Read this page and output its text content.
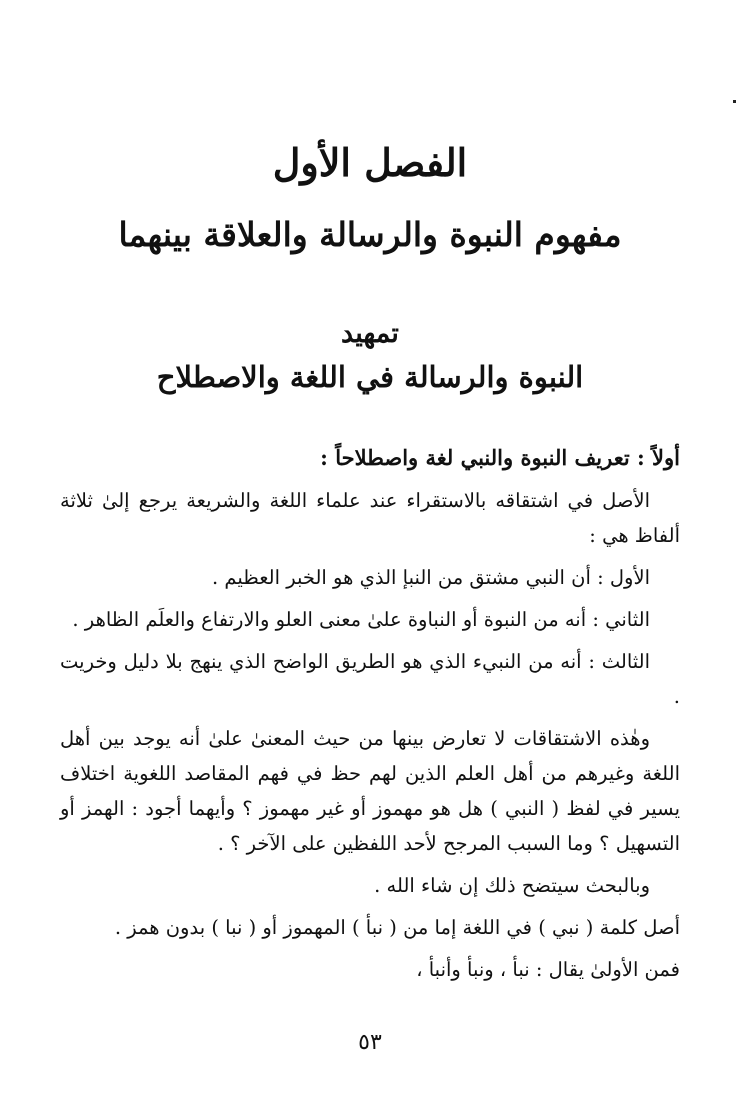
الفصل الأول
مفهوم النبوة والرسالة والعلاقة بينهما
تمهيد
النبوة والرسالة في اللغة والاصطلاح

أولاً : تعريف النبوة والنبي لغة واصطلاحاً :

الأصل في اشتقاقه بالاستقراء عند علماء اللغة والشريعة يرجع إلىٰ ثلاثة ألفاظ هي :

الأول : أن النبي مشتق من النبإ الذي هو الخبر العظيم .

الثاني : أنه من النبوة أو النباوة علىٰ معنى العلو والارتفاع والعلَم الظاهر .

الثالث : أنه من النبيء الذي هو الطريق الواضح الذي ينهج بلا دليل وخريت .

وهٰذه الاشتقاقات لا تعارض بينها من حيث المعنىٰ علىٰ أنه يوجد بين أهل اللغة وغيرهم من أهل العلم الذين لهم حظ في فهم المقاصد اللغوية اختلاف يسير في لفظ ( النبي ) هل هو مهموز أو غير مهموز ؟ وأيهما أجود : الهمز أو التسهيل ؟ وما السبب المرجح لأحد اللفظين على الآخر ؟ .

وبالبحث سيتضح ذلك إن شاء الله .

أصل كلمة ( نبي ) في اللغة إما من ( نبأ ) المهموز أو ( نبا ) بدون همز .

فمن الأولىٰ يقال : نبأ ، ونبأ وأنبأ ،

٥٣
